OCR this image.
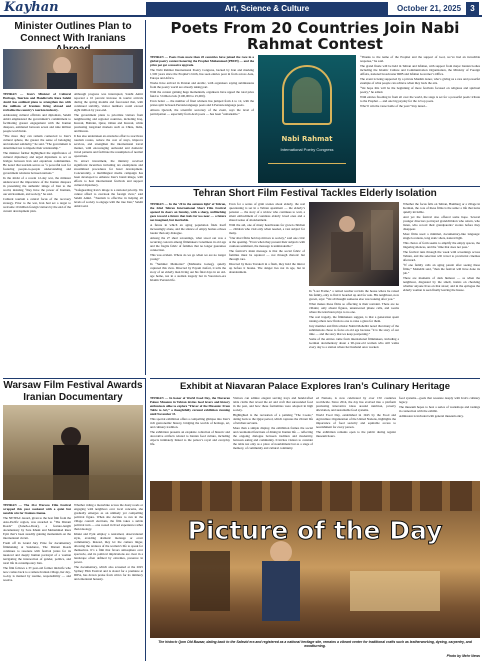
Kayhan	Art, Science & Culture	October 21, 2025	3
Minister Outlines Plan to Connect With Iranians

TEHRAN — Iran’s Minister of Cultural Heritage, Tourism and Handicrafts Reza Salehi Amiri has outlined plans to strengthen ties with the millions of Iranians living abroad and revitalize the country’s tourism industry.

Addressing cultural officials and diplomats, Salehi Amiri emphasized the government’s commitment to facilitating greater engagement with the Iranian diaspora, estimated between seven and nine million people worldwide.

“The more they can remain connected to Iran’s cultural sphere, the greater the sense of belonging and national solidarity,” he said. “The government is determined not to impede their relationship.”

The minister further highlighted the significance of cultural diplomacy and urged diplomats to act as bridges between Iran and expatriate communities. He noted that tourism serves as “a powerful tool for fostering people-to-people understanding and government relations between nations.”

In the midst of a recent 12-day war, the minister underscored the importance of the Iranian diaspora in presenting the authentic image of Iran to the world, insisting “they have the power of Iranians, our environment, and society,” he said.

Cultural tourism a central focus of the recovery strategy. Prior to the war, Iran had set a target to welcome 10 million foreign visitors by the end of the current development plan.

Although progress was interrupted, Salehi Amiri reported a 10 percent increase in tourist arrivals during the spring months and forecasted that, with continued stability, visitor numbers could exceed eight million by year-end.

The government plans to prioritize visitors from neighbouring and regional countries, including Iraq, Kuwait, Bahrain, Qatar, Oman and Kuwait, while promoting long-haul markets such as China, India, and Russia.

It has also undertaken an extensive effort to reactivate tourism routes, reduce the cost of stays, improve services, and strengthen the international travel market, with encouraging outbound and domestic travel patterns and facilitate the resumption of normal operations.

To attract investment, the ministry received significant incentives including tax exemptions and streamlined procedures for hotel development. Concurrently, a multilingual media campaign has been developed to enhance Iran’s brand image, with efforts to host international festivals and support cultural diplomacy.

“Safeguarding Iran’s image is a national priority. We cannot afford to overlook the foreign view,” said Salehi Amiri. “Tourism is effective in helping all levels of society to engage with the true Iran,” Salehi Amiri said.

Poets From 20 Countries Join Nabi Rahmat Contest

TEHRAN — Poets from more than 20 countries have joined the race in a global poetry contest honoring the Prophet Muhammad (PBUH) — and the prize pot got a massive upgrade.

The Nabi Rahmat International Poetry Congress, backed by Iran and marking 1,500 years since the Prophet’s birth, has seen entries pour in from across Asia, Europe and Africa.

Works have arrived in Persian and Arabic, with organisers saying submissions from the poetry world are already taking part.

With the contest gaining huge momentum, organisers have upped the total prize fund to 3 billion rials (£100,000 to 25,000).

Even better — the number of final winners has jumped from 4 to 12, with the prizes split between Persian-language poets and 6 Persian-language poets.

Alireza Qazveh, the scientific secretary of the event, says the level of participation — especially from Arab poets — has been “remarkable.”

Nabi Rahmat
International Poetry Congress

“Thanks to the name of the Prophet and the support of God, we’ve had an incredible response,” he said.

The grand finale will be held in Tehran and Isfahan, with support from major Iranian bodies including the Islamic Culture and Communication Organization, the Ministry of Foreign Affairs, national broadcaster IRIB and Isfahan Governor’s Office.

The event is being supported by a private Muslim donor, who’s giving us a rare and powerful example of what people can achieve when they back the arts.

“We hope this will be the beginning of more festivals focused on religious and spiritual poetry,” he added.

With entries flooding in from all over the world, the stage is set for a powerful poetic tribute to the Prophet — and one big payday for the 12 top poets.

Who’ll win the verse battle of the year? Stay tuned...

Tehran Short Film Festival Tackles Elderly Isolation

TEHRAN — In the ’20 in the autumn light’ of Tehran, the 42nd Tehran International Short Film Festival opened its doors on Sunday, with a sharp, unflinching gaze toward a future that feels far too near — a future not imagined, but inevitable.

A future in which an aging population finds itself increasingly alone, and the silence of empty homes echoes louder than any dialogue.

Among the 27 short screenings, what stood out was a recurring concern among filmmakers: loneliness in old age and the fragile fabric of families that no longer guarantee connection.

This was evident. Where do we go when we are no longer young?

In “Summer Memories” (Mahtaabe Ganag), quietly captured this view. Directed by Payam Jaafari, it tells the story of an elderly man living out his final days in an old-age home, not in a sudden tragedy but in Vorontsov-era Islamic Persian life.

Even for a series of grim scenes about elderly, the real questioning is set in a Tehran apartment — the elderly’s pension — the story of a widow who continues to wait, a silent embodiment of countless elderly loved ones and a shared sense of abandonment.

With the aid, one of many heartbreaks for grown children — children who visit only when needed, a vast subject for many.

“Our short films hold up mirrors to society,” said one critic at the opening. “Even when they present their subjects with cautious sentiment, the message is unmistakable.”

The festival’s main message is that the social fabric of families must be repaired — not through rhetoric but through care.

Directed by Reza Tavakoli in a flash, they hold the mirror up before it breaks. The danger lies not in age, but in abandonment.

In “Last Frame,” a retired teacher revisits the house where he raised his family, only to find it boarded up and for sale. His neighbour, now grown, says: “We all thought someone else was looking after you.”

What makes these films so affecting is their restraint. There are no villains; only absent figures, unanswered phone calls, and rooms where the television plays to no one.

The real tragedy, the filmmakers suggest, is that a generation spent raising others now finds no one to raise a glass for them.

Jury member and film scholar Nahid Mohebbi noted that many of the submissions chose to focus on old age because “it is the story of our time — and the story that we keep postponing.”

Some of the entries came from international filmmakers, including a German documentary about a 90-year-old woman who still walks every day to a station where her husband once worked.

Whether the focus falls on Tehran, Hamburg or a village in Kerman, the core of these films is the same: a life that turns quietly invisible.

And yet the festival also offered some hope. Several younger directors portrayed grandchildren who return, who listen, who record their grandparents’ stories before they disappear.

Most films used a minimal, documentary-like language: single locations, long static shots, natural light.

This choice of form seems to amplify the empty spaces, the lingering silences, and the ‘time that does not pass.’

The festival runs through the week with screenings across Tehran, and the selection will travel to provincial cinemas afterward.

“If one family calls an aging parent after seeing these films,” Mohebbi said, “then the festival will have done its job.”

There are moments of dark humour — as when the neighbour, disgusted by the smell, insists on checking whether anyone lives on that street; and in the epilogue the elderly woman is seen finally leaving the house.

Warsaw Film Festival Awards Iranian Documentary

TEHRAN — The 41st Warsaw Film Festival wrapped this past weekend with a quiet but notable win for Iranian cinema.

The NETPAC Award, given to the best film from the Asia-Pacific region, was awarded to “The Distant Roads” (Zaneh-e-Dour), a feature-length documentary by Sara Khaki and Mohammad Reza Eyni that’s been steadily gaining momentum on the international circuit.

Fresh off its Grand Jury Prize for documentary filmmaking at Sundance, The Distant Roads continues to resonate with festival juries for its nuanced and deeply human portrayal of a woman navigating the intersection of gender, politics, and rural life in contemporary Iran.

The film follows a 37-year-old former midwife who now comes back to a remote Iranian village, her day-to-day is marked by routine, responsibility — and resolve.

Whether riding a motorbike across the dusty roads or engaging with neighbors over local concerns, she gradually emerges as an unlikely yet compelling political figure. When she decides to run in the village council elections, the film takes a subtle political turn — one rooted in lived experience rather than ideology.

Khaki and Eyni employ a restrained, observational style, avoiding dramatic montage or overt commentary. Instead, they let the camera linger, allowing the textures of the woman’s life to speak for themselves. It’s a film that favors atmosphere over spectacle, and its political implications are clear in a landscape often defined by extremes, presence in power.

The documentary, which also screened at the 2025 Sydney Film Festival and is slated for a premiere at IDFA, has drawn praise from critics for its intimacy and emotional honesty.

Exhibit at Niavaran Palace Explores Iran’s Culinary Heritage

TEHRAN — In honor of World Food Day, the Niavaran Palace Museum in Tehran invites food lovers and history enthusiasts alike to explore “Flavor of the Museum: From Table to Art,” a thoughtfully curated exhibition running until November 15.

This special exhibition offers a compelling glimpse into Iran’s rich gastronomic history, bridging the worlds of heritage, art, and culinary tradition.

The exhibition presents an exquisite collection of historic and decorative artifacts related to Iranian food culture, including objects intimately linked to the palace’s royal and everyday life.

Visitors can admire elegant serving trays and handcrafted table cloths that reveal the art and craft that surrounded food in the past, and how these formalities were adopted in high society.

Highlighted is the recreation of a painting “The Cooks,” dating back to the Qajar period, which captures the vibrant life of kitchen servants.

More than a simple display, the exhibition frames the social and ceremonial functions of dining in Iranian life — reflecting the ongoing dialogue between tradition and modernity, between eating and community. It invites visitors to consider the table not only as a place of nourishment but as a stage of memory, of community and cultural continuity.

ed Nations, is now celebrated by over 150 countries worldwide. Since 2014, the day has evolved into a platform promoting innovative ideas around nutrition, poverty alleviation, and sustainable food systems.

World Food Day, established in 1945 by the Food and Agriculture Organization of the United Nations, highlights the importance of food security and equitable access to nourishment for every person.

The exhibition remains open to the public during regular museum hours.

food systems—goals that resonate deeply with Iran’s culinary legacy.

The museum hopes to host a series of workshops and tastings in connection with the exhibit.

Admission is included with general museum entry.

Picture of the Day
The historic Qom Old Bazaar, dating back to the Safavid era and registered as a national heritage site, remains a vibrant center for traditional crafts such as leatherworking, dyeing, carpentry, and woodturning.
Photo by Mehr News
